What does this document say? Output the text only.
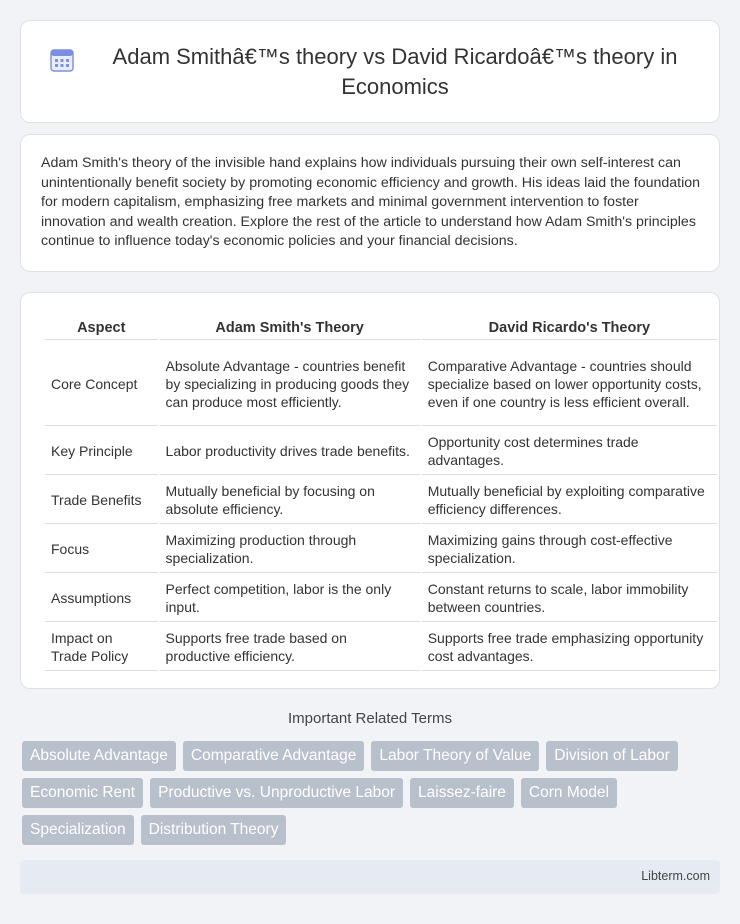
Adam Smithâ€™s theory vs David Ricardoâ€™s theory in Economics

Adam Smith's theory of the invisible hand explains how individuals pursuing their own self-interest can unintentionally benefit society by promoting economic efficiency and growth. His ideas laid the foundation for modern capitalism, emphasizing free markets and minimal government intervention to foster innovation and wealth creation. Explore the rest of the article to understand how Adam Smith's principles continue to influence today's economic policies and your financial decisions.

Aspect	Adam Smith's Theory	David Ricardo's Theory
Core Concept	Absolute Advantage - countries benefit by specializing in producing goods they can produce most efficiently.	Comparative Advantage - countries should specialize based on lower opportunity costs, even if one country is less efficient overall.
Key Principle	Labor productivity drives trade benefits.	Opportunity cost determines trade advantages.
Trade Benefits	Mutually beneficial by focusing on absolute efficiency.	Mutually beneficial by exploiting comparative efficiency differences.
Focus	Maximizing production through specialization.	Maximizing gains through cost-effective specialization.
Assumptions	Perfect competition, labor is the only input.	Constant returns to scale, labor immobility between countries.
Impact on Trade Policy	Supports free trade based on productive efficiency.	Supports free trade emphasizing opportunity cost advantages.
Important Related Terms
Absolute Advantage	Comparative Advantage	Labor Theory of Value	Division of Labor
Economic Rent	Productive vs. Unproductive Labor	Laissez-faire	Corn Model
Specialization	Distribution Theory
Libterm.com
